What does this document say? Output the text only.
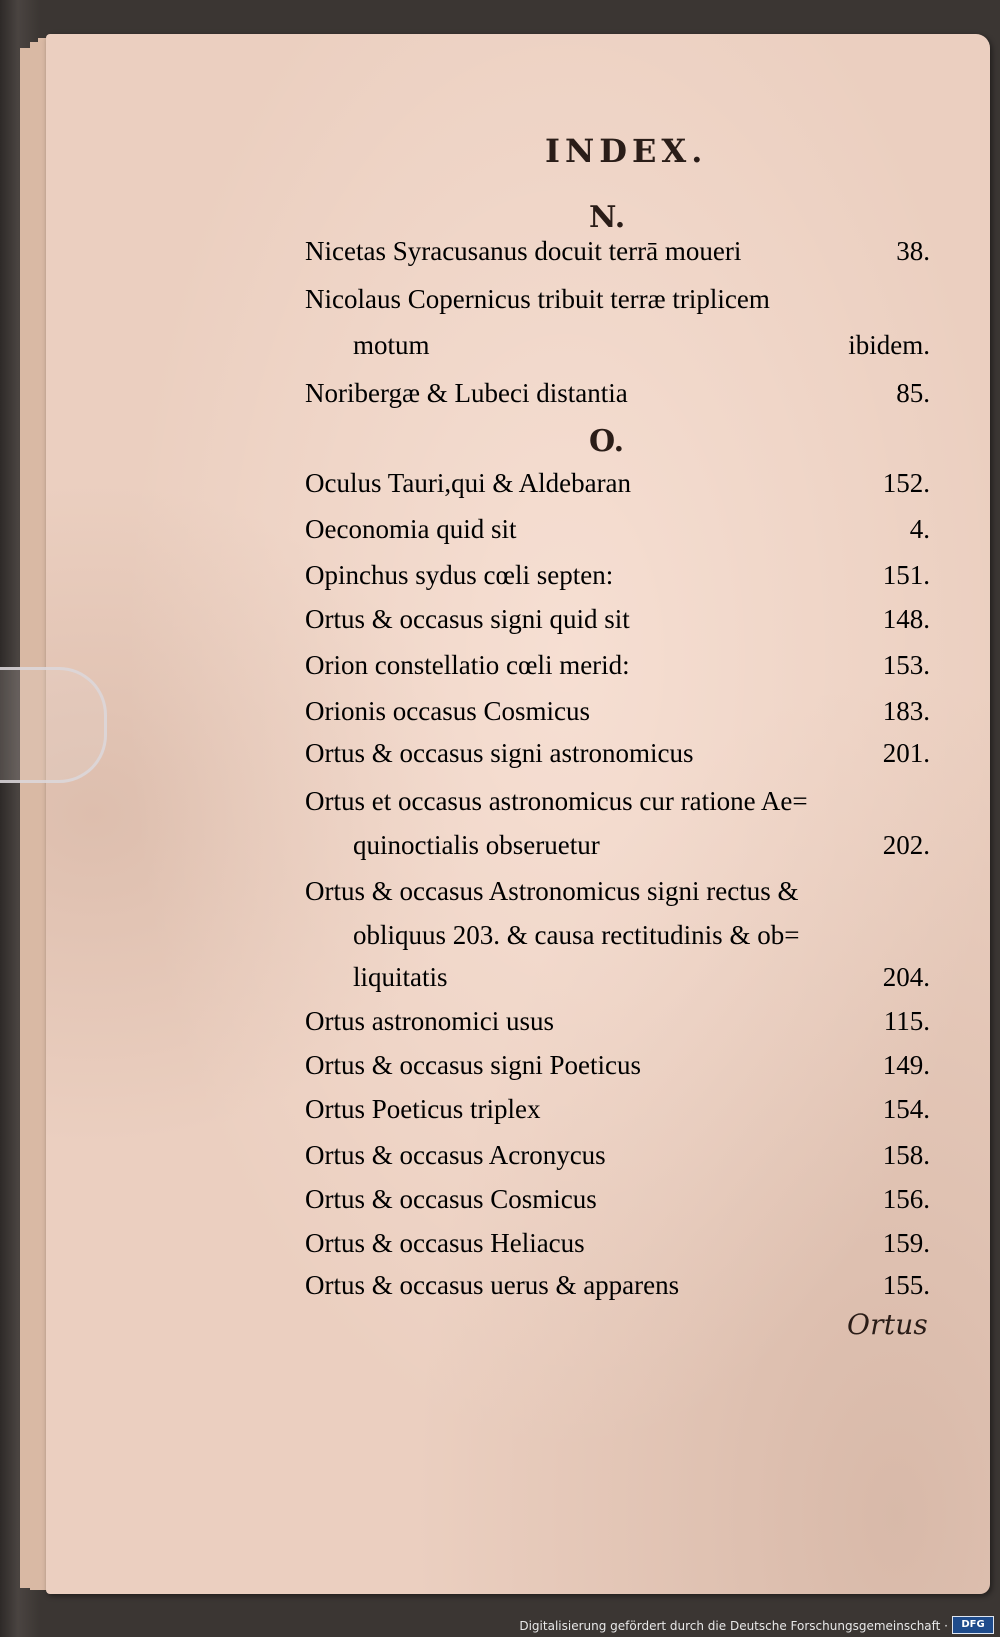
INDEX.
N.
Nicetas Syracusanus docuit terrā moueri	38.
Nicolaus Copernicus tribuit terræ triplicem
motum	ibidem.
Noribergæ & Lubeci distantia	85.
O.
Oculus Tauri,qui & Aldebaran	152.
Oeconomia quid sit	4.
Opinchus sydus cœli septen:	151.
Ortus & occasus signi quid sit	148.
Orion constellatio cœli merid:	153.
Orionis occasus Cosmicus	183.
Ortus & occasus signi astronomicus	201.
Ortus et occasus astronomicus cur ratione Ae=
quinoctialis obseruetur	202.
Ortus & occasus Astronomicus signi rectus &
obliquus 203. & causa rectitudinis & ob=
liquitatis	204.
Ortus astronomici usus	115.
Ortus & occasus signi Poeticus	149.
Ortus Poeticus triplex	154.
Ortus & occasus Acronycus	158.
Ortus & occasus Cosmicus	156.
Ortus & occasus Heliacus	159.
Ortus & occasus uerus & apparens	155.
Ortus
Digitalisierung gefördert durch die Deutsche Forschungsgemeinschaft ·	DFG
